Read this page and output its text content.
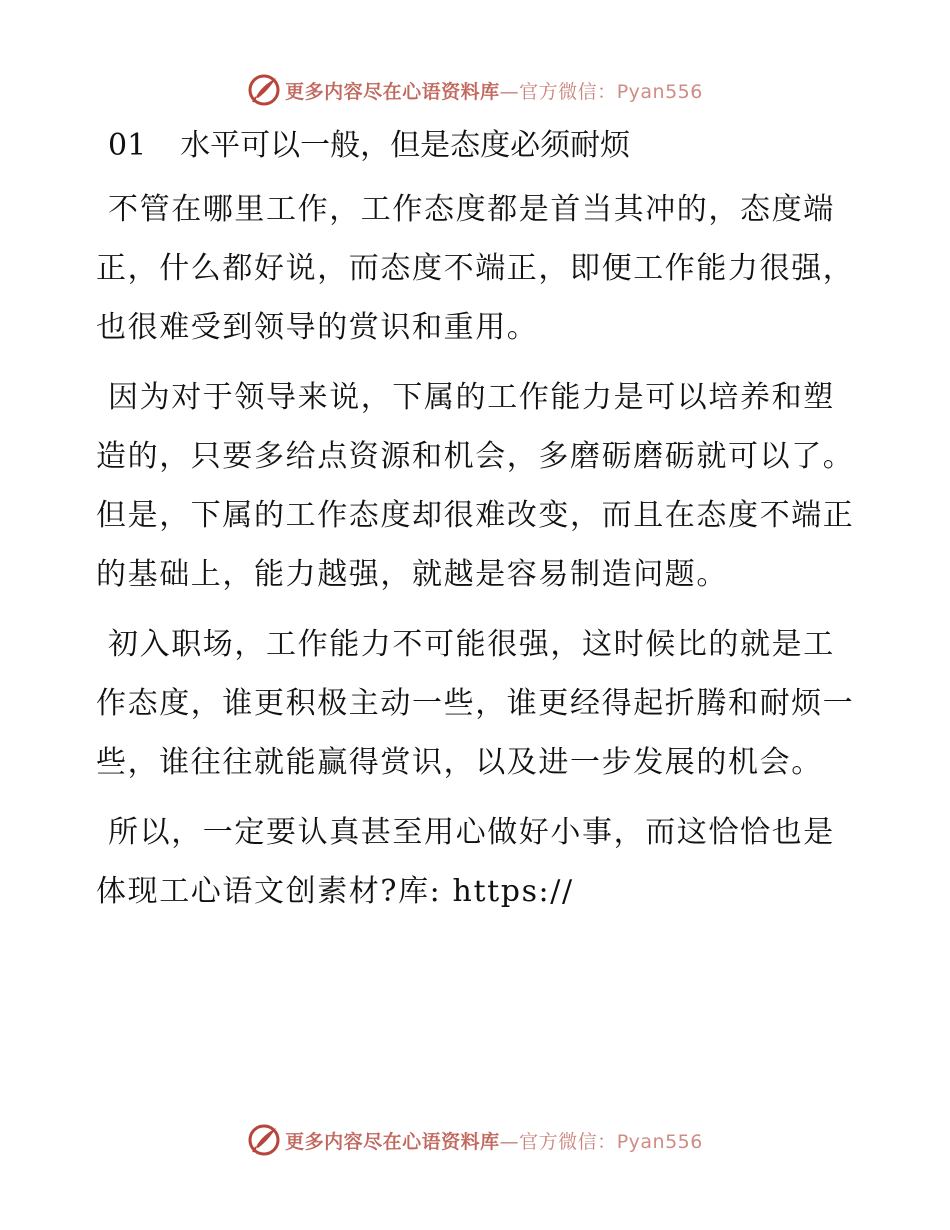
更多内容尽在心语资料库—官方微信：Pyan556
01 水平可以一般，但是态度必须耐烦

不管在哪里工作，工作态度都是首当其冲的，态度端正，什么都好说，而态度不端正，即便工作能力很强，也很难受到领导的赏识和重用。

因为对于领导来说，下属的工作能力是可以培养和塑造的，只要多给点资源和机会，多磨砺磨砺就可以了。但是，下属的工作态度却很难改变，而且在态度不端正的基础上，能力越强，就越是容易制造问题。

初入职场，工作能力不可能很强，这时候比的就是工作态度，谁更积极主动一些，谁更经得起折腾和耐烦一些，谁往往就能赢得赏识，以及进一步发展的机会。

所以，一定要认真甚至用心做好小事，而这恰恰也是体现工心语文创素材?库: https://

更多内容尽在心语资料库—官方微信：Pyan556
